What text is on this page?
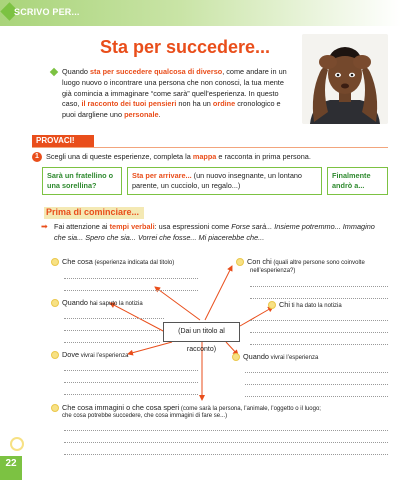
SCRIVO PER...
Sta per succedere...
Quando sta per succedere qualcosa di diverso, come andare in un luogo nuovo o incontrare una persona che non conosci, la tua mente già comincia a immaginare “come sarà” quell’esperienza. In questo caso, il racconto dei tuoi pensieri non ha un ordine cronologico e puoi dargliene uno personale.
PROVACI!
1 Scegli una di queste esperienze, completa la mappa e racconta in prima persona.
Sarà un fratellino o una sorellina?
Sta per arrivare... (un nuovo insegnante, un lontano parente, un cucciolo, un regalo...)
Finalmente andrò a...
Prima di cominciare...
➡ Fai attenzione ai tempi verbali: usa espressioni come Forse sarà... Insieme potremmo... Immagino che sia... Spero che sia... Vorrei che fosse... Mi piacerebbe che...
Che cosa (esperienza indicata dal titolo)	Con chi (quali altre persone sono coinvolte
nell’esperienza?)
Quando hai saputo la notizia	Chi ti ha dato la notizia
(Dai un titolo al racconto)
Dove vivrai l’esperienza	Quando vivrai l’esperienza
Che cosa immagini o che cosa speri (come sarà la persona, l’animale, l’oggetto o il luogo;
che cosa potrebbe succedere, che cosa immagini di fare se...)
22
